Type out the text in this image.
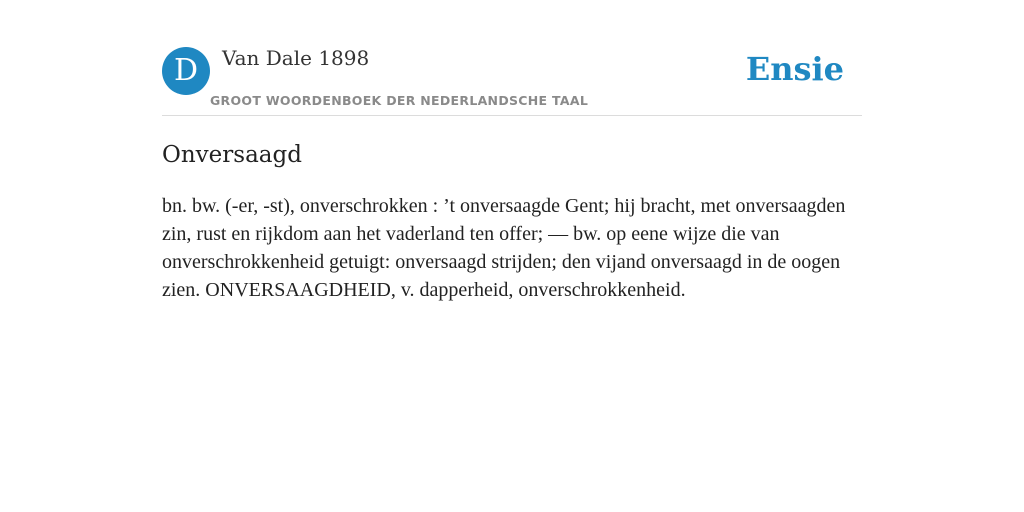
D	Van Dale 1898
GROOT WOORDENBOEK DER NEDERLANDSCHE TAAL
Ensie
Onversaagd

bn. bw. (-er, -st), onverschrokken : ’t onversaagde Gent; hij bracht, met onversaagden zin, rust en rijkdom aan het vaderland ten offer; — bw. op eene wijze die van onverschrokkenheid getuigt: onversaagd strijden; den vijand onversaagd in de oogen zien. ONVERSAAGDHEID, v. dapperheid, onverschrokkenheid.
